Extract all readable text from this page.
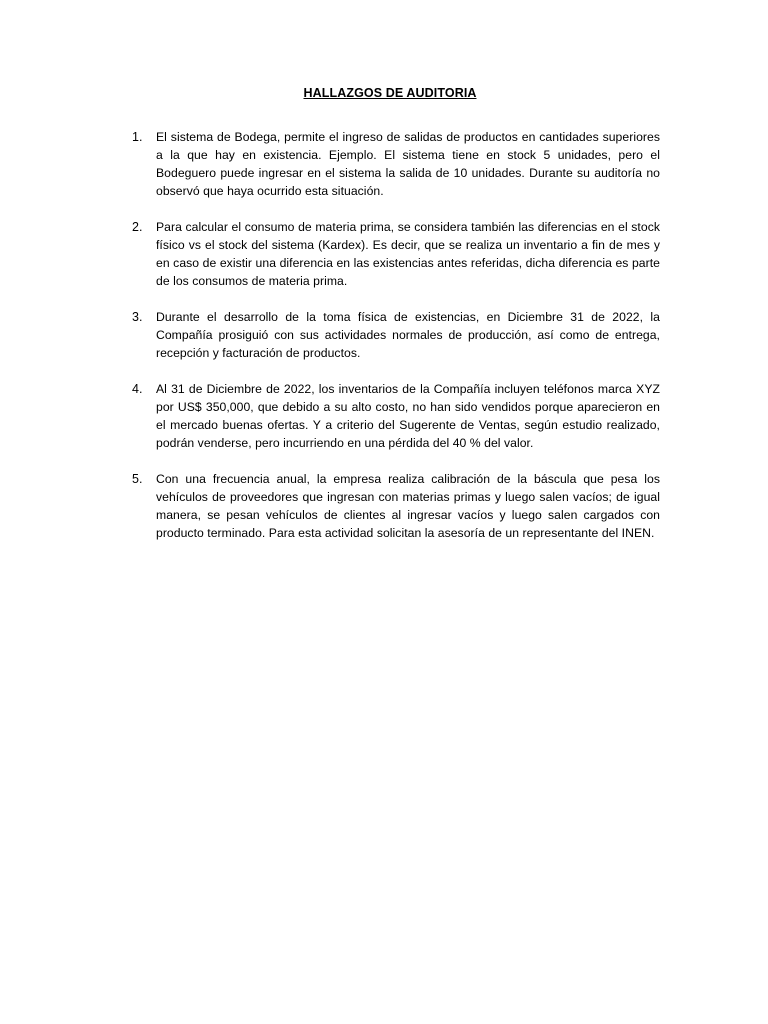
HALLAZGOS DE AUDITORIA
1. El sistema de Bodega, permite el ingreso de salidas de productos en cantidades superiores a la que hay en existencia. Ejemplo. El sistema tiene en stock 5 unidades, pero el Bodeguero puede ingresar en el sistema la salida de 10 unidades. Durante su auditoría no observó que haya ocurrido esta situación.
2. Para calcular el consumo de materia prima, se considera también las diferencias en el stock físico vs el stock del sistema (Kardex). Es decir, que se realiza un inventario a fin de mes y en caso de existir una diferencia en las existencias antes referidas, dicha diferencia es parte de los consumos de materia prima.
3. Durante el desarrollo de la toma física de existencias, en Diciembre 31 de 2022, la Compañía prosiguió con sus actividades normales de producción, así como de entrega, recepción y facturación de productos.
4. Al 31 de Diciembre de 2022, los inventarios de la Compañía incluyen teléfonos marca XYZ por US$ 350,000, que debido a su alto costo, no han sido vendidos porque aparecieron en el mercado buenas ofertas. Y a criterio del Sugerente de Ventas, según estudio realizado, podrán venderse, pero incurriendo en una pérdida del 40 % del valor.
5. Con una frecuencia anual, la empresa realiza calibración de la báscula que pesa los vehículos de proveedores que ingresan con materias primas y luego salen vacíos; de igual manera, se pesan vehículos de clientes al ingresar vacíos y luego salen cargados con producto terminado. Para esta actividad solicitan la asesoría de un representante del INEN.
